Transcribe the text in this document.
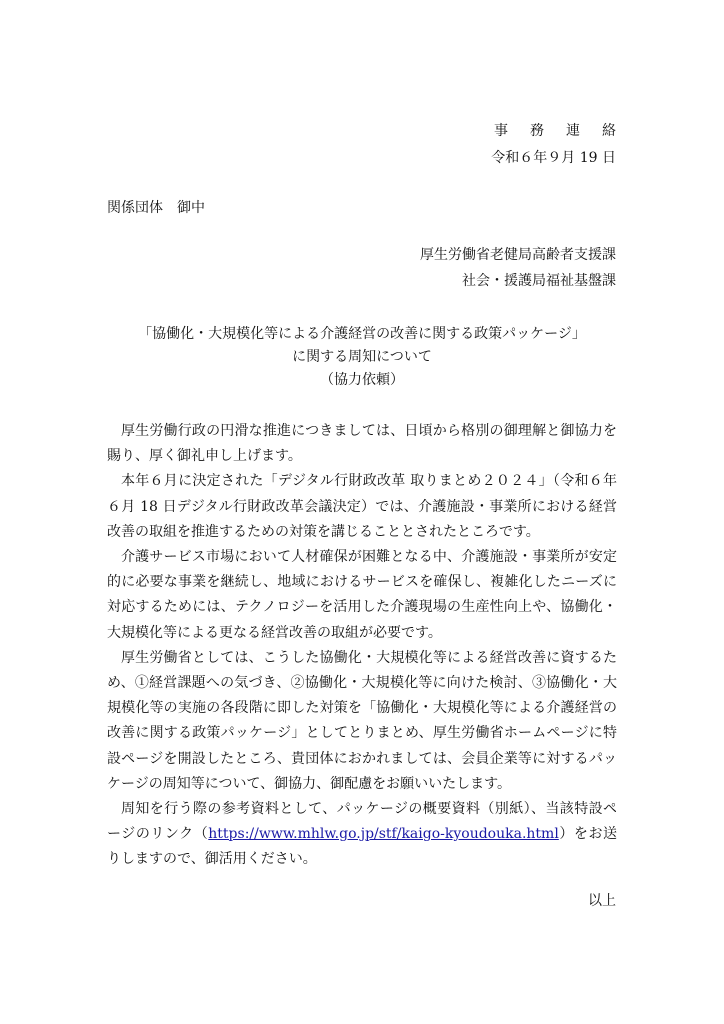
事務連絡
令和６年９月 19 日
関係団体　御中
厚生労働省老健局高齢者支援課
社会・援護局福祉基盤課
「協働化・大規模化等による介護経営の改善に関する政策パッケージ」
に関する周知について
（協力依頼）

厚生労働行政の円滑な推進につきましては、日頃から格別の御理解と御協力を賜り、厚く御礼申し上げます。

本年６月に決定された「デジタル行財政改革 取りまとめ２０２４」（令和６年６月 18 日デジタル行財政改革会議決定）では、介護施設・事業所における経営改善の取組を推進するための対策を講じることとされたところです。

介護サービス市場において人材確保が困難となる中、介護施設・事業所が安定的に必要な事業を継続し、地域におけるサービスを確保し、複雑化したニーズに対応するためには、テクノロジーを活用した介護現場の生産性向上や、協働化・大規模化等による更なる経営改善の取組が必要です。

厚生労働省としては、こうした協働化・大規模化等による経営改善に資するため、①経営課題への気づき、②協働化・大規模化等に向けた検討、③協働化・大規模化等の実施の各段階に即した対策を「協働化・大規模化等による介護経営の改善に関する政策パッケージ」としてとりまとめ、厚生労働省ホームページに特設ページを開設したところ、貴団体におかれましては、会員企業等に対するパッケージの周知等について、御協力、御配慮をお願いいたします。

周知を行う際の参考資料として、パッケージの概要資料（別紙）、当該特設ページのリンク（https://www.mhlw.go.jp/stf/kaigo-kyoudouka.html）をお送りしますので、御活用ください。

以上
